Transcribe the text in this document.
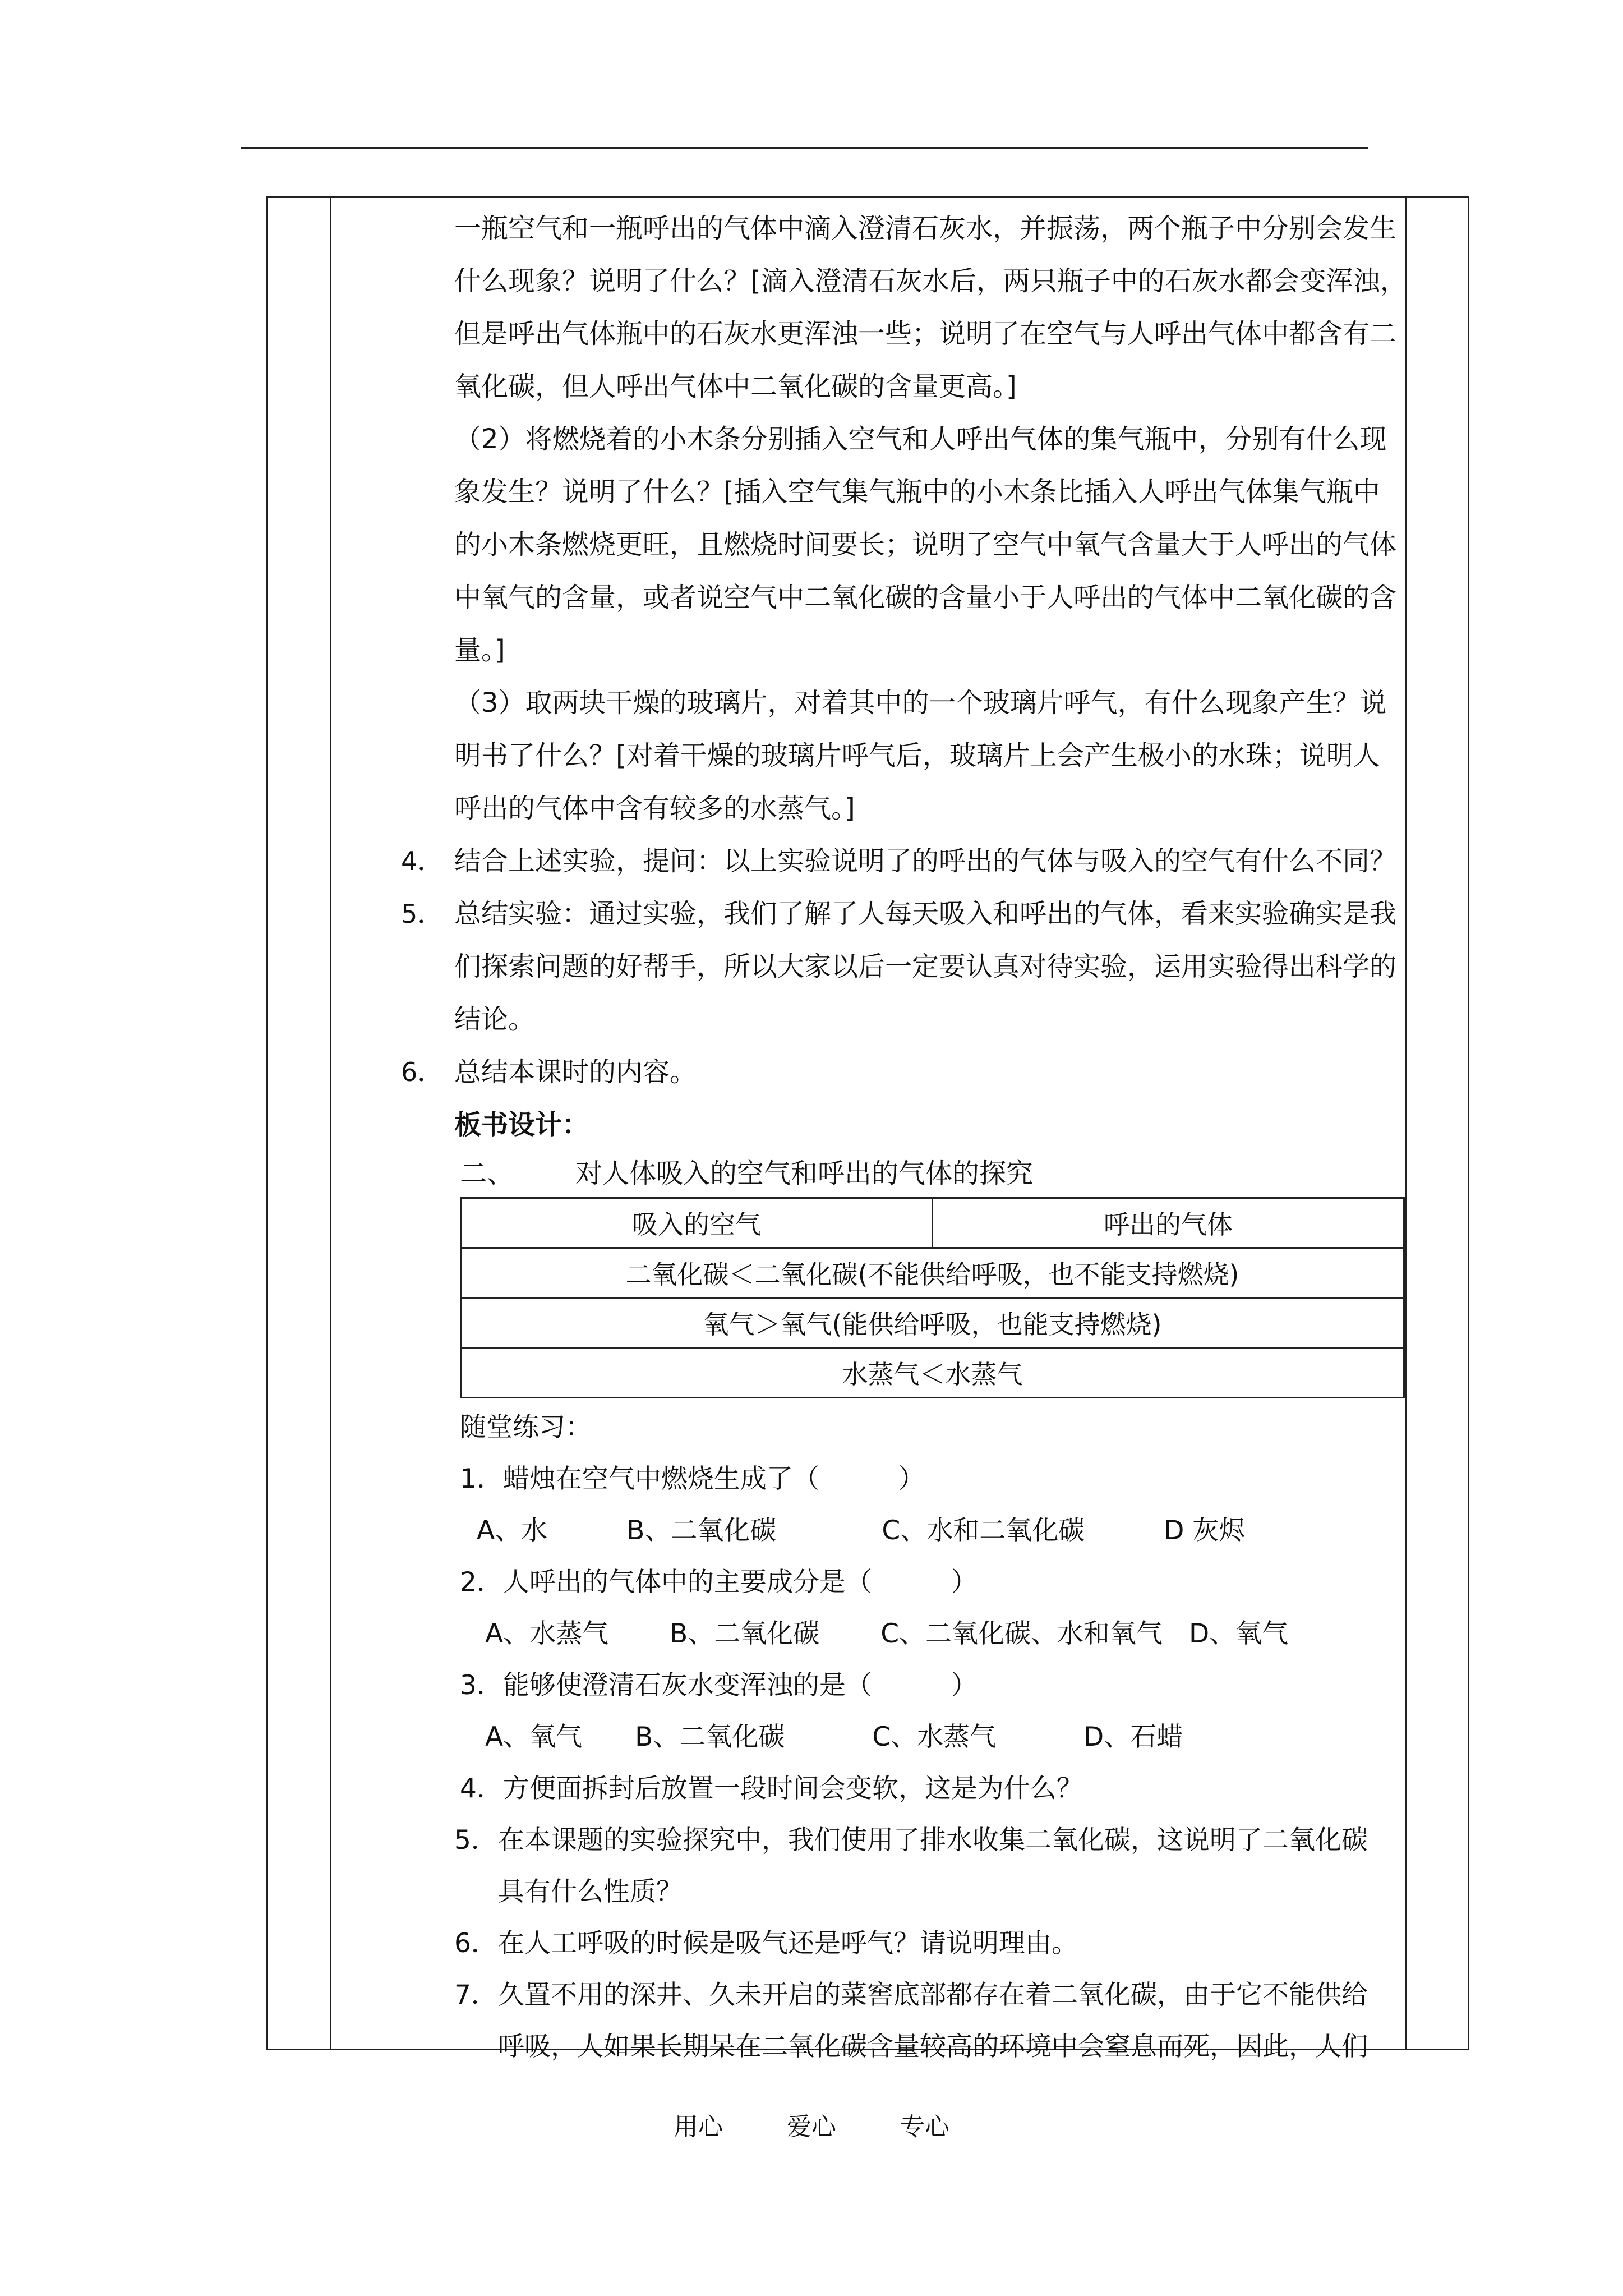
一瓶空气和一瓶呼出的气体中滴入澄清石灰水，并振荡，两个瓶子中分别会发生

什么现象？说明了什么？[滴入澄清石灰水后，两只瓶子中的石灰水都会变浑浊，

但是呼出气体瓶中的石灰水更浑浊一些；说明了在空气与人呼出气体中都含有二

氧化碳，但人呼出气体中二氧化碳的含量更高。]

（2）将燃烧着的小木条分别插入空气和人呼出气体的集气瓶中，分别有什么现

象发生？说明了什么？[插入空气集气瓶中的小木条比插入人呼出气体集气瓶中

的小木条燃烧更旺，且燃烧时间要长；说明了空气中氧气含量大于人呼出的气体

中氧气的含量，或者说空气中二氧化碳的含量小于人呼出的气体中二氧化碳的含

量。]

（3）取两块干燥的玻璃片，对着其中的一个玻璃片呼气，有什么现象产生？说

明书了什么？[对着干燥的玻璃片呼气后，玻璃片上会产生极小的水珠；说明人

呼出的气体中含有较多的水蒸气。]

4． 结合上述实验，提问：以上实验说明了的呼出的气体与吸入的空气有什么不同？

5． 总结实验：通过实验，我们了解了人每天吸入和呼出的气体，看来实验确实是我

们探索问题的好帮手，所以大家以后一定要认真对待实验，运用实验得出科学的

结论。

6． 总结本课时的内容。

板书设计：

二、 对人体吸入的空气和呼出的气体的探究

吸入的空气	呼出的气体
二氧化碳＜二氧化碳(不能供给呼吸，也不能支持燃烧)
氧气＞氧气(能供给呼吸，也能支持燃烧)
水蒸气＜水蒸气

随堂练习：

1．蜡烛在空气中燃烧生成了（　　　）

A、水　　　B、二氧化碳　　　　C、水和二氧化碳　　　D 灰烬

2．人呼出的气体中的主要成分是（　　　）

A、水蒸气　　 B、二氧化碳　　 C、二氧化碳、水和氧气　D、氧气

3．能够使澄清石灰水变浑浊的是（　　　）

A、氧气　　B、二氧化碳　　　 C、水蒸气　　　 D、石蜡

4．方便面拆封后放置一段时间会变软，这是为什么？

5． 在本课题的实验探究中，我们使用了排水收集二氧化碳，这说明了二氧化碳
具有什么性质？
6． 在人工呼吸的时候是吸气还是呼气？请说明理由。
7． 久置不用的深井、久未开启的菜窖底部都存在着二氧化碳，由于它不能供给
呼吸，人如果长期呆在二氧化碳含量较高的环境中会窒息而死，因此，人们
用心	爱心	专心
